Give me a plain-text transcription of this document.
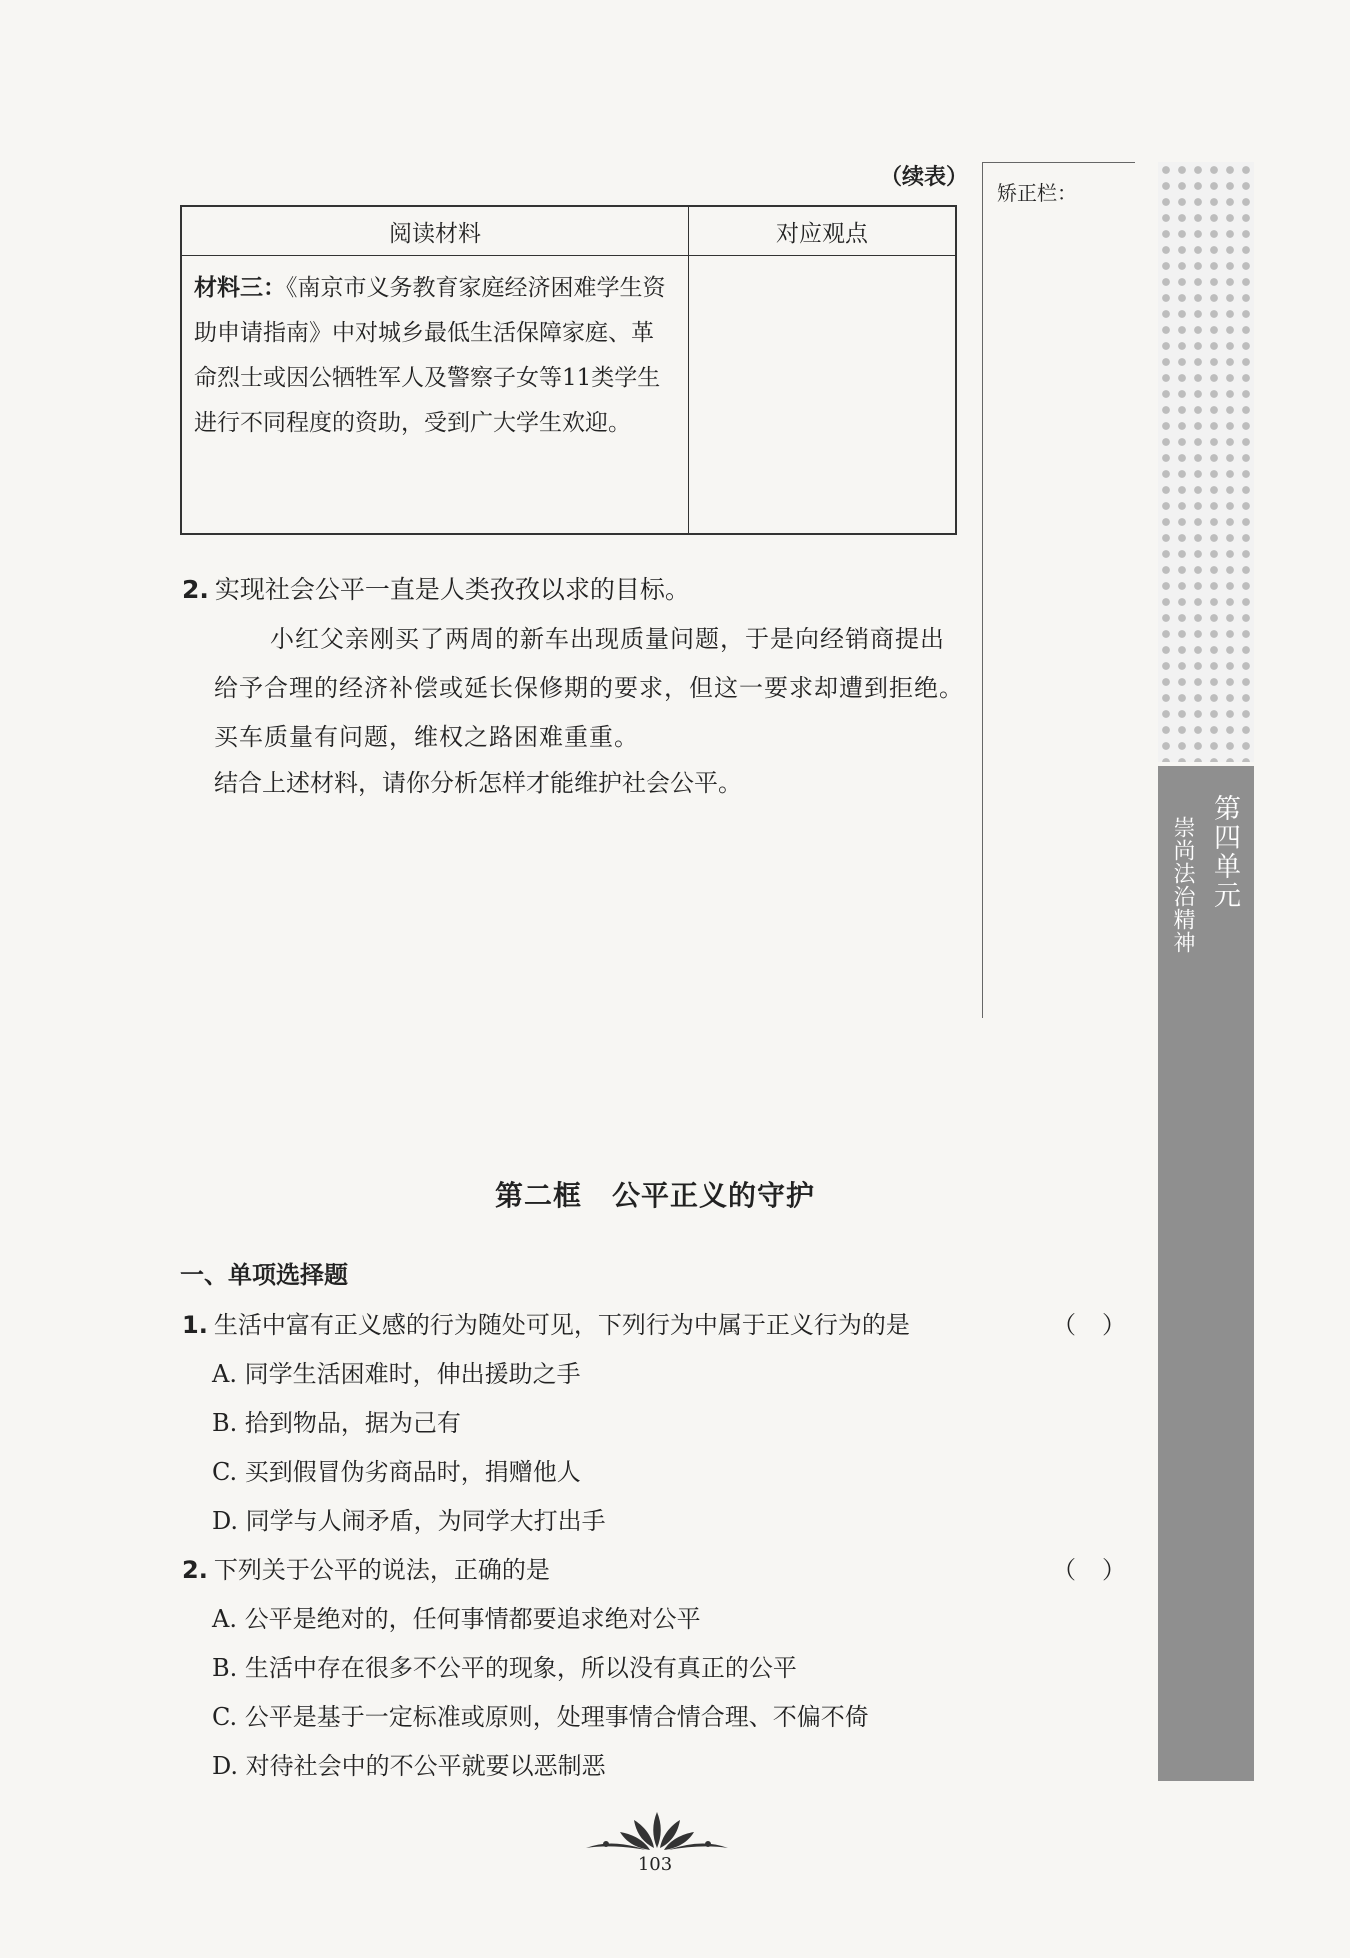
（续表）
阅读材料	对应观点
材料三：《南京市义务教育家庭经济困难学生资助申请指南》中对城乡最低生活保障家庭、革命烈士或因公牺牲军人及警察子女等11类学生进行不同程度的资助，受到广大学生欢迎。	
2. 实现社会公平一直是人类孜孜以求的目标。
小红父亲刚买了两周的新车出现质量问题，于是向经销商提出给予合理的经济补偿或延长保修期的要求，但这一要求却遭到拒绝。买车质量有问题，维权之路困难重重。
结合上述材料，请你分析怎样才能维护社会公平。
矫正栏：
第四单元
崇尚法治精神
第二框 公平正义的守护
一、单项选择题
1. 生活中富有正义感的行为随处可见，下列行为中属于正义行为的是	（ ）
A. 同学生活困难时，伸出援助之手
B. 拾到物品，据为己有
C. 买到假冒伪劣商品时，捐赠他人
D. 同学与人闹矛盾，为同学大打出手
2. 下列关于公平的说法，正确的是	（ ）
A. 公平是绝对的，任何事情都要追求绝对公平
B. 生活中存在很多不公平的现象，所以没有真正的公平
C. 公平是基于一定标准或原则，处理事情合情合理、不偏不倚
D. 对待社会中的不公平就要以恶制恶
103
